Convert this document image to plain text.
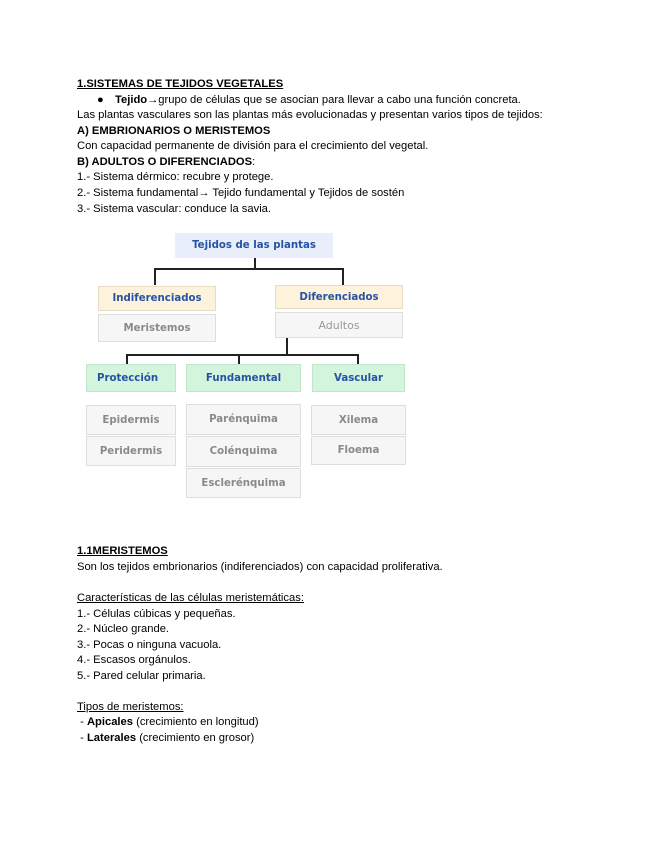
1.SISTEMAS DE TEJIDOS VEGETALES
● Tejido→grupo de células que se asocian para llevar a cabo una función concreta.
Las plantas vasculares son las plantas más evolucionadas y presentan varios tipos de tejidos:
A) EMBRIONARIOS O MERISTEMOS
Con capacidad permanente de división para el crecimiento del vegetal.
B) ADULTOS O DIFERENCIADOS:
1.- Sistema dérmico: recubre y protege.
2.- Sistema fundamental→ Tejido fundamental y Tejidos de sostén
3.- Sistema vascular: conduce la savia.
Tejidos de las plantas
Indiferenciados	Diferenciados
Meristemos	Adultos
Protección	Fundamental	Vascular
Epidermis
Peridermis
Parénquima
Colénquima
Esclerénquima
Xilema
Floema
1.1MERISTEMOS
Son los tejidos embrionarios (indiferenciados) con capacidad proliferativa.
Características de las células meristemáticas:
1.- Células cúbicas y pequeñas.
2.- Núcleo grande.
3.- Pocas o ninguna vacuola.
4.- Escasos orgánulos.
5.- Pared celular primaria.
Tipos de meristemos:
- Apicales (crecimiento en longitud)
- Laterales (crecimiento en grosor)
